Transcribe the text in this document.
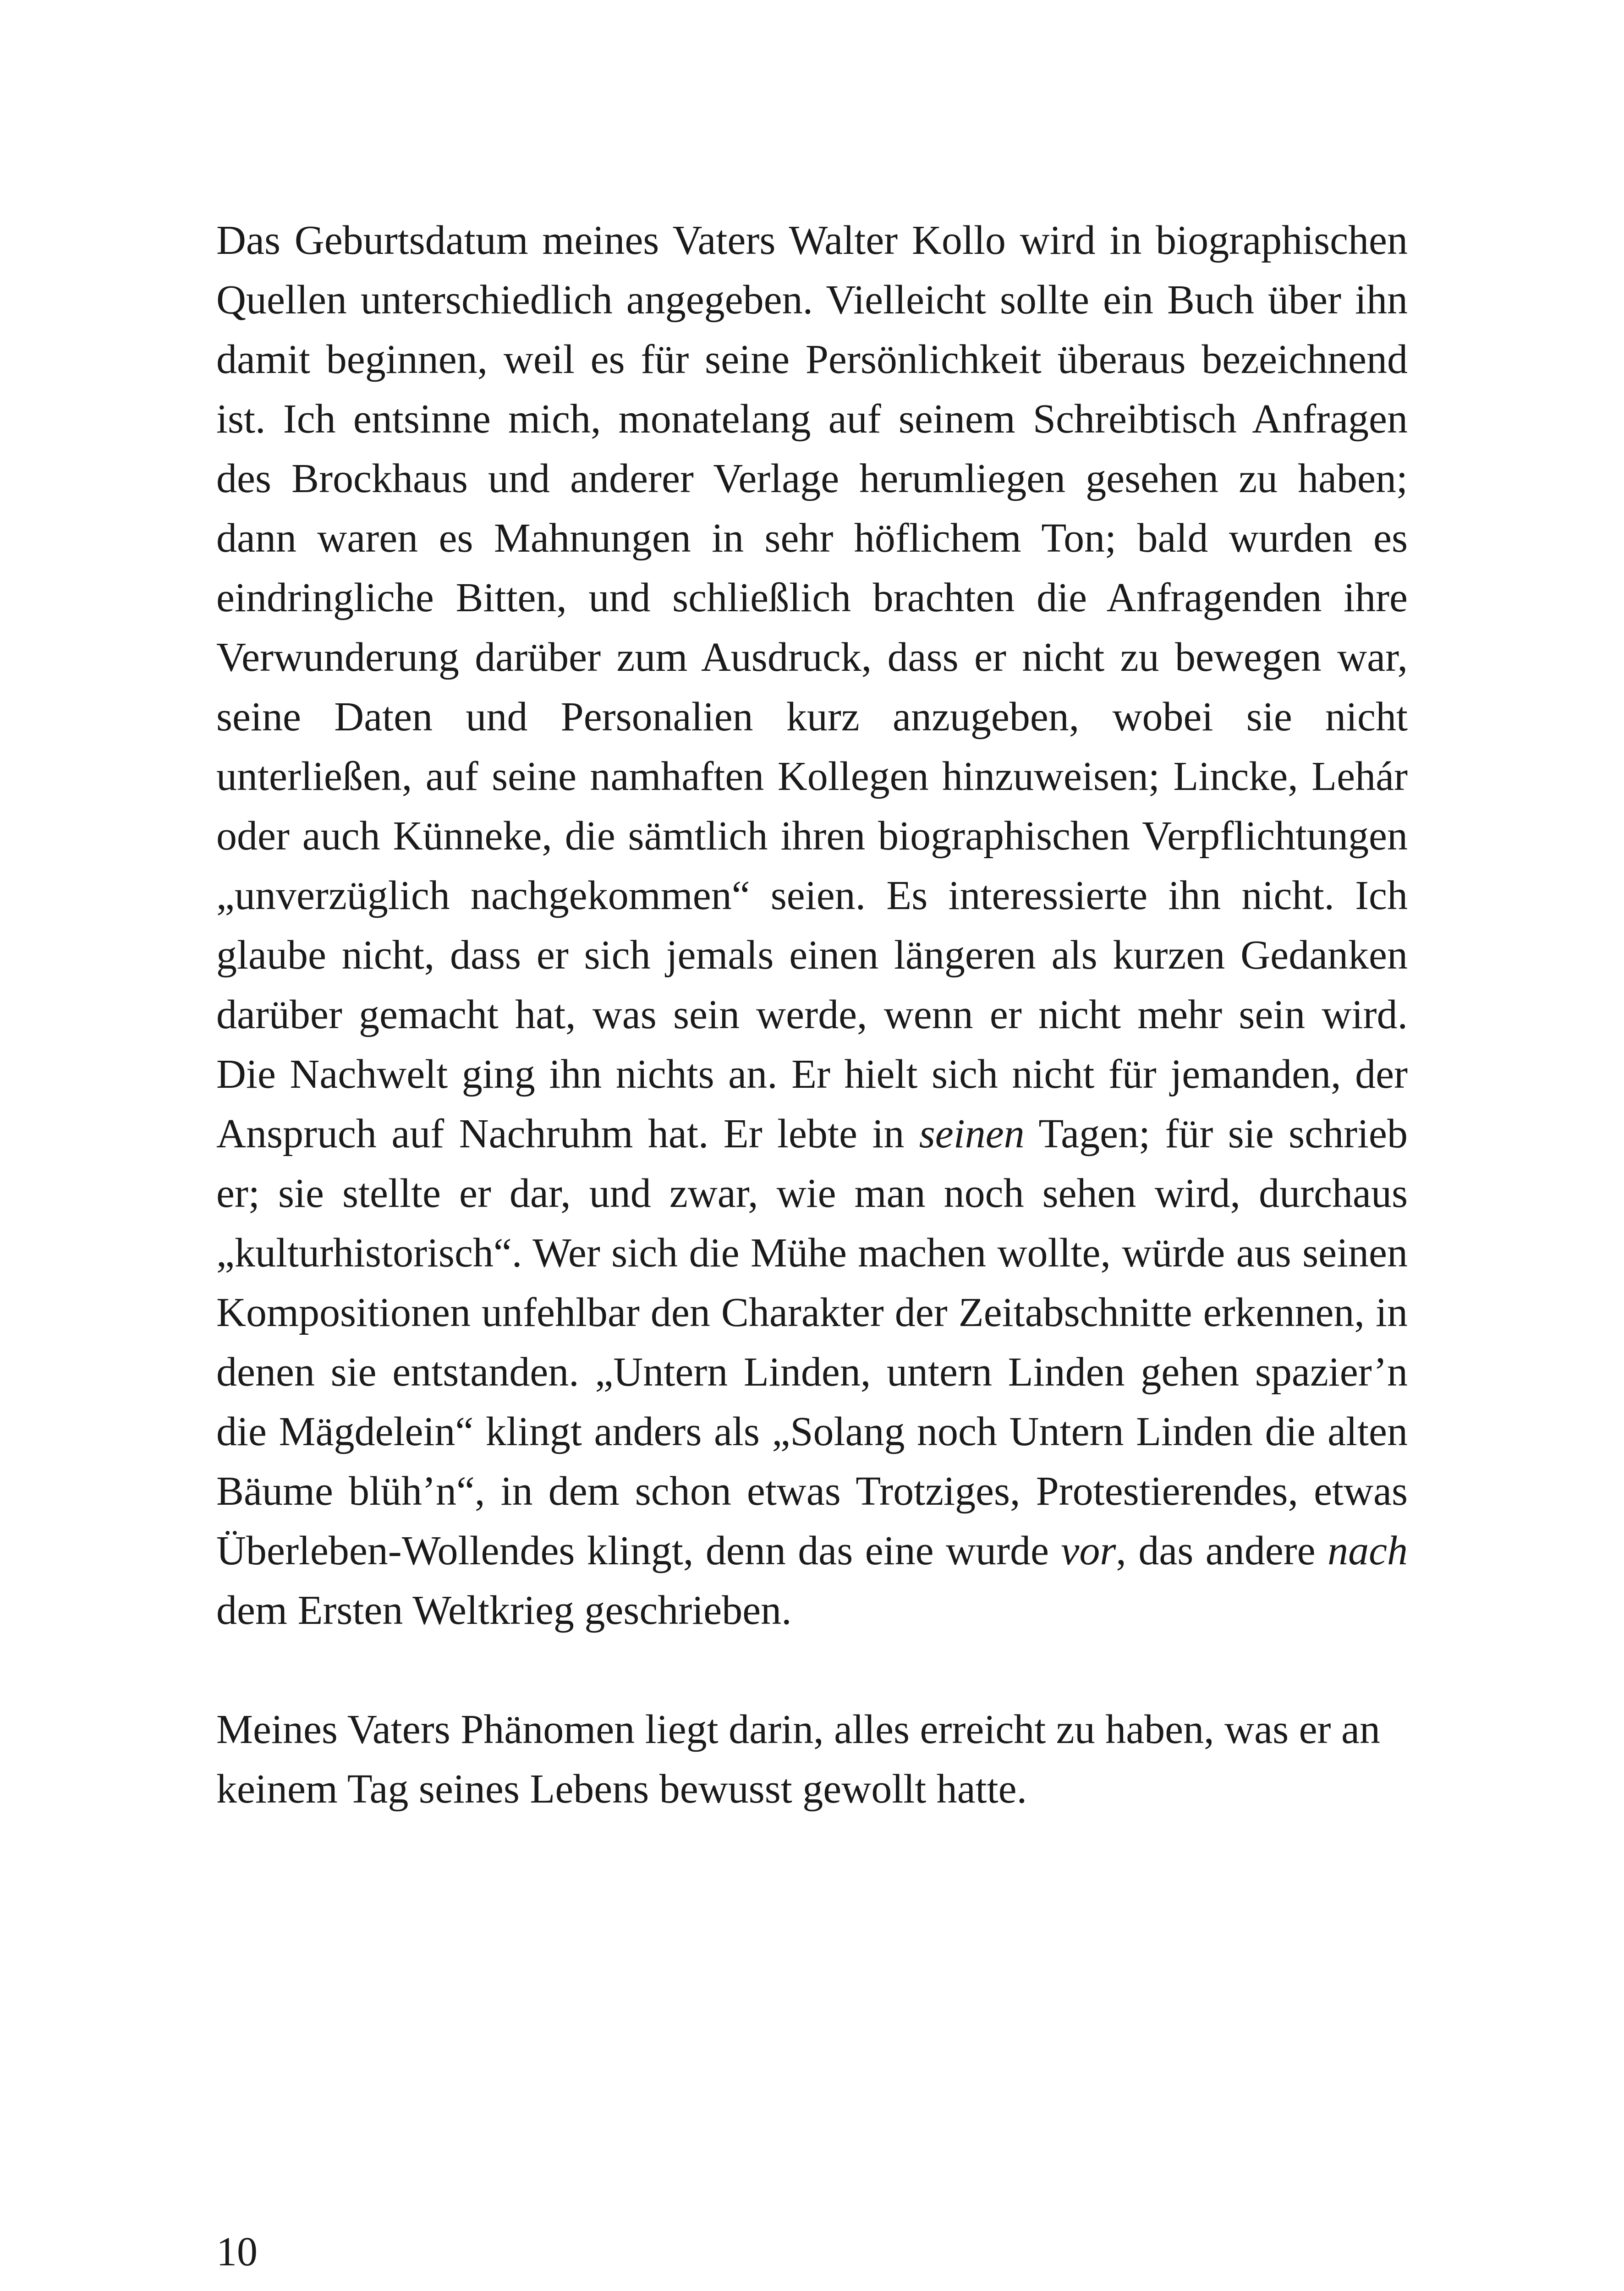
Das Geburtsdatum meines Vaters Walter Kollo wird in biographischen Quellen unterschiedlich angegeben. Vielleicht sollte ein Buch über ihn damit beginnen, weil es für seine Persönlichkeit überaus bezeichnend ist. Ich entsinne mich, monatelang auf seinem Schreibtisch Anfragen des Brockhaus und anderer Verlage herumliegen gesehen zu haben; dann waren es Mahnungen in sehr höflichem Ton; bald wurden es eindringliche Bitten, und schließlich brachten die Anfragenden ihre Verwunderung darüber zum Ausdruck, dass er nicht zu bewegen war, seine Daten und Personalien kurz anzugeben, wobei sie nicht unterließen, auf seine namhaften Kollegen hinzuweisen; Lincke, Lehár oder auch Künneke, die sämtlich ihren biographischen Verpflichtungen „unverzüglich nachgekommen“ seien. Es interessierte ihn nicht. Ich glaube nicht, dass er sich jemals einen längeren als kurzen Gedanken darüber gemacht hat, was sein werde, wenn er nicht mehr sein wird. Die Nachwelt ging ihn nichts an. Er hielt sich nicht für jemanden, der Anspruch auf Nachruhm hat. Er lebte in seinen Tagen; für sie schrieb er; sie stellte er dar, und zwar, wie man noch sehen wird, durchaus „kulturhistorisch“. Wer sich die Mühe machen wollte, würde aus seinen Kompositionen unfehlbar den Charakter der Zeitabschnitte erkennen, in denen sie entstanden. „Untern Linden, untern Linden gehen spazier’n die Mägdelein“ klingt anders als „Solang noch Untern Linden die alten Bäume blüh’n“, in dem schon etwas Trotziges, Protestierendes, etwas Überleben-Wollendes klingt, denn das eine wurde vor, das andere nach dem Ersten Weltkrieg geschrieben.

Meines Vaters Phänomen liegt darin, alles erreicht zu haben, was er an keinem Tag seines Lebens bewusst gewollt hatte.

10
